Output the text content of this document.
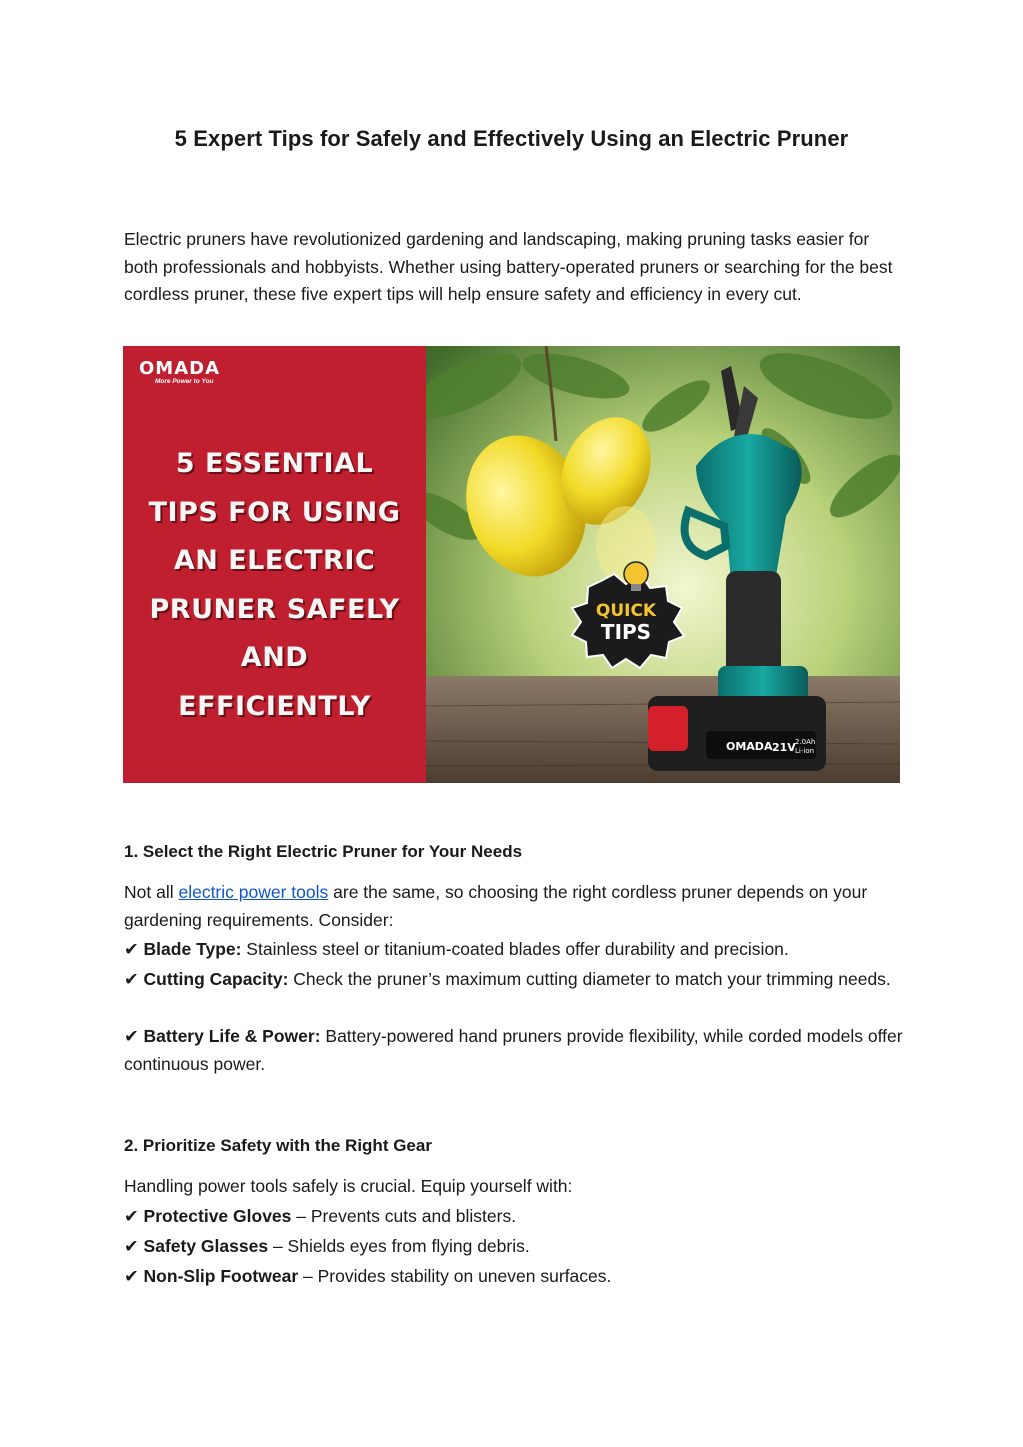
5 Expert Tips for Safely and Effectively Using an Electric Pruner

Electric pruners have revolutionized gardening and landscaping, making pruning tasks easier for both professionals and hobbyists. Whether using battery-operated pruners or searching for the best cordless pruner, these five expert tips will help ensure safety and efficiency in every cut.

OMADA
More Power to You
5 ESSENTIAL
TIPS FOR USING
AN ELECTRIC
PRUNER SAFELY
AND
EFFICIENTLY
OMADA 21V 2.0Ah
Li-ion
QUICK
TIPS
1. Select the Right Electric Pruner for Your Needs

Not all electric power tools are the same, so choosing the right cordless pruner depends on your gardening requirements. Consider:

✔ Blade Type: Stainless steel or titanium-coated blades offer durability and precision.

✔ Cutting Capacity: Check the pruner’s maximum cutting diameter to match your trimming needs.

✔ Battery Life & Power: Battery-powered hand pruners provide flexibility, while corded models offer continuous power.

2. Prioritize Safety with the Right Gear

Handling power tools safely is crucial. Equip yourself with:

✔ Protective Gloves – Prevents cuts and blisters.

✔ Safety Glasses – Shields eyes from flying debris.

✔ Non-Slip Footwear – Provides stability on uneven surfaces.
